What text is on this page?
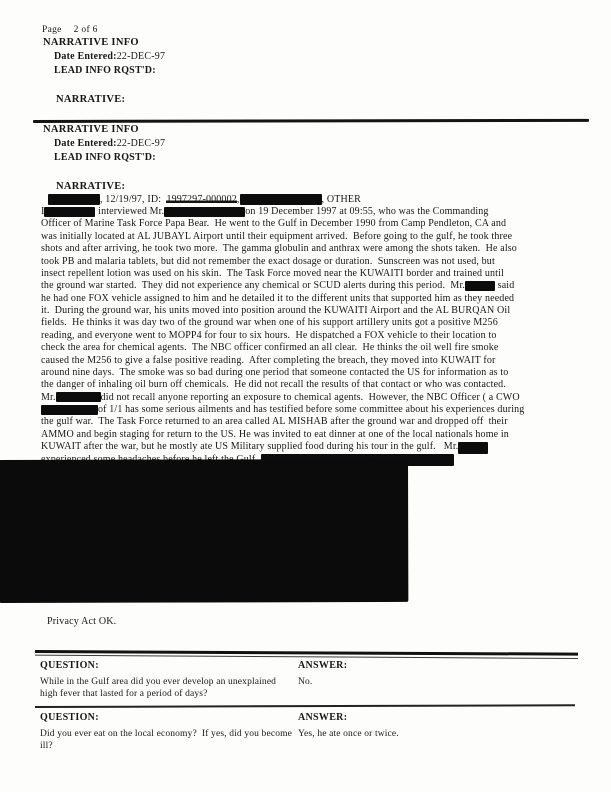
Page 2 of 6
NARRATIVE INFO
Date Entered:22-DEC-97
LEAD INFO RQST'D:
NARRATIVE:
NARRATIVE INFO
Date Entered:22-DEC-97
LEAD INFO RQST'D:
NARRATIVE:
, 12/19/97, ID: 1997297-000002 ,	, OTHER
I	interviewed Mr.	on 19 December 1997 at 09:55, who was the Commanding
Officer of Marine Task Force Papa Bear.  He went to the Gulf in December 1990 from Camp Pendleton, CA and
was initially located at AL JUBAYL Airport until their equipment arrived.  Before going to the gulf, he took three
shots and after arriving, he took two more.  The gamma globulin and anthrax were among the shots taken.  He also
took PB and malaria tablets, but did not remember the exact dosage or duration.  Sunscreen was not used, but
insect repellent lotion was used on his skin.  The Task Force moved near the KUWAITI border and trained until
the ground war started.  They did not experience any chemical or SCUD alerts during this period.  Mr.	said
he had one FOX vehicle assigned to him and he detailed it to the different units that supported him as they needed
it.  During the ground war, his units moved into position around the KUWAITI Airport and the AL BURQAN Oil
fields.  He thinks it was day two of the ground war when one of his support artillery units got a positive M256
reading, and everyone went to MOPP4 for four to six hours.  He dispatched a FOX vehicle to their location to
check the area for chemical agents.  The NBC officer confirmed an all clear.  He thinks the oil well fire smoke
caused the M256 to give a false positive reading.  After completing the breach, they moved into KUWAIT for
around nine days.  The smoke was so bad during one period that someone contacted the US for information as to
the danger of inhaling oil burn off chemicals.  He did not recall the results of that contact or who was contacted.
Mr.	did not recall anyone reporting an exposure to chemical agents.  However, the NBC Officer ( a CWO
of 1/1 has some serious ailments and has testified before some committee about his experiences during
the gulf war.  The Task Force returned to an area called AL MISHAB after the ground war and dropped off  their
AMMO and begin staging for return to the US. He was invited to eat dinner at one of the local nationals home in
KUWAIT after the war, but he mostly ate US Military supplied food during his tour in the gulf.   Mr.
Privacy Act OK.
QUESTION:	ANSWER:
While in the Gulf area did you ever develop an unexplained high fever that lasted for a period of days?
No.
QUESTION:	ANSWER:
Did you ever eat on the local economy?  If yes, did you become ill?
Yes, he ate once or twice.
